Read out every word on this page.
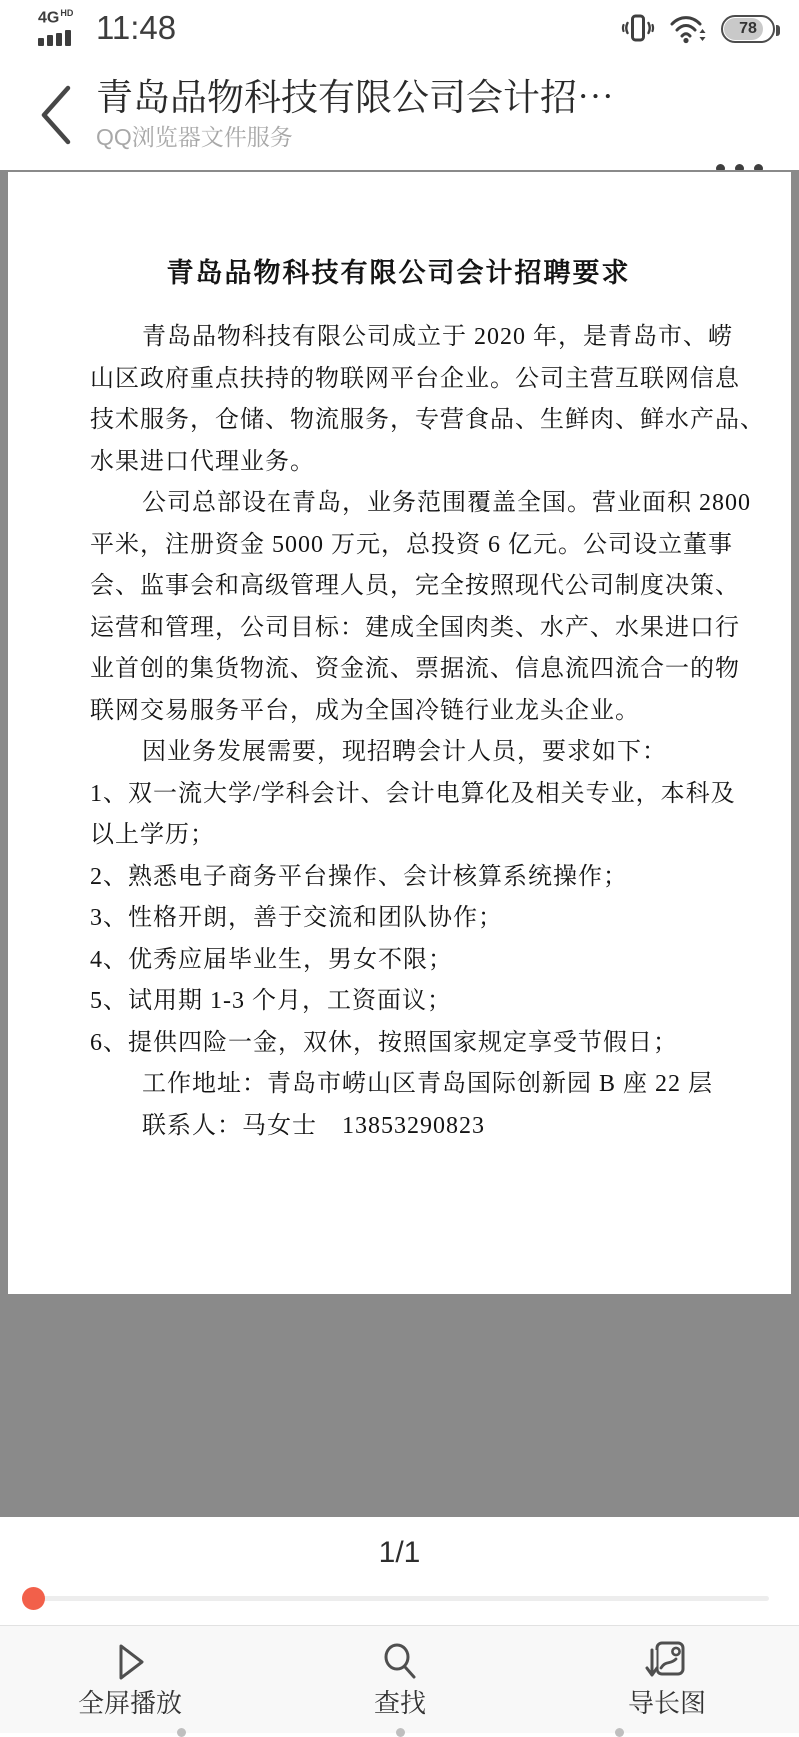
$4G^{HD}$ 11:48	78
青岛品物科技有限公司会计招⋯
QQ浏览器文件服务
青岛品物科技有限公司会计招聘要求
青岛品物科技有限公司成立于 2020 年，是青岛市、崂
山区政府重点扶持的物联网平台企业。公司主营互联网信息
技术服务，仓储、物流服务，专营食品、生鲜肉、鲜水产品、
水果进口代理业务。
公司总部设在青岛，业务范围覆盖全国。营业面积 2800
平米，注册资金 5000 万元，总投资 6 亿元。公司设立董事
会、监事会和高级管理人员，完全按照现代公司制度决策、
运营和管理，公司目标：建成全国肉类、水产、水果进口行
业首创的集货物流、资金流、票据流、信息流四流合一的物
联网交易服务平台，成为全国冷链行业龙头企业。
因业务发展需要，现招聘会计人员，要求如下：
1、双一流大学/学科会计、会计电算化及相关专业，本科及
以上学历；
2、熟悉电子商务平台操作、会计核算系统操作；
3、性格开朗，善于交流和团队协作；
4、优秀应届毕业生，男女不限；
5、试用期 1-3 个月，工资面议；
6、提供四险一金，双休，按照国家规定享受节假日；
工作地址：青岛市崂山区青岛国际创新园 B 座 22 层
联系人：马女士　13853290823
1/1
全屏播放	查找	导长图
